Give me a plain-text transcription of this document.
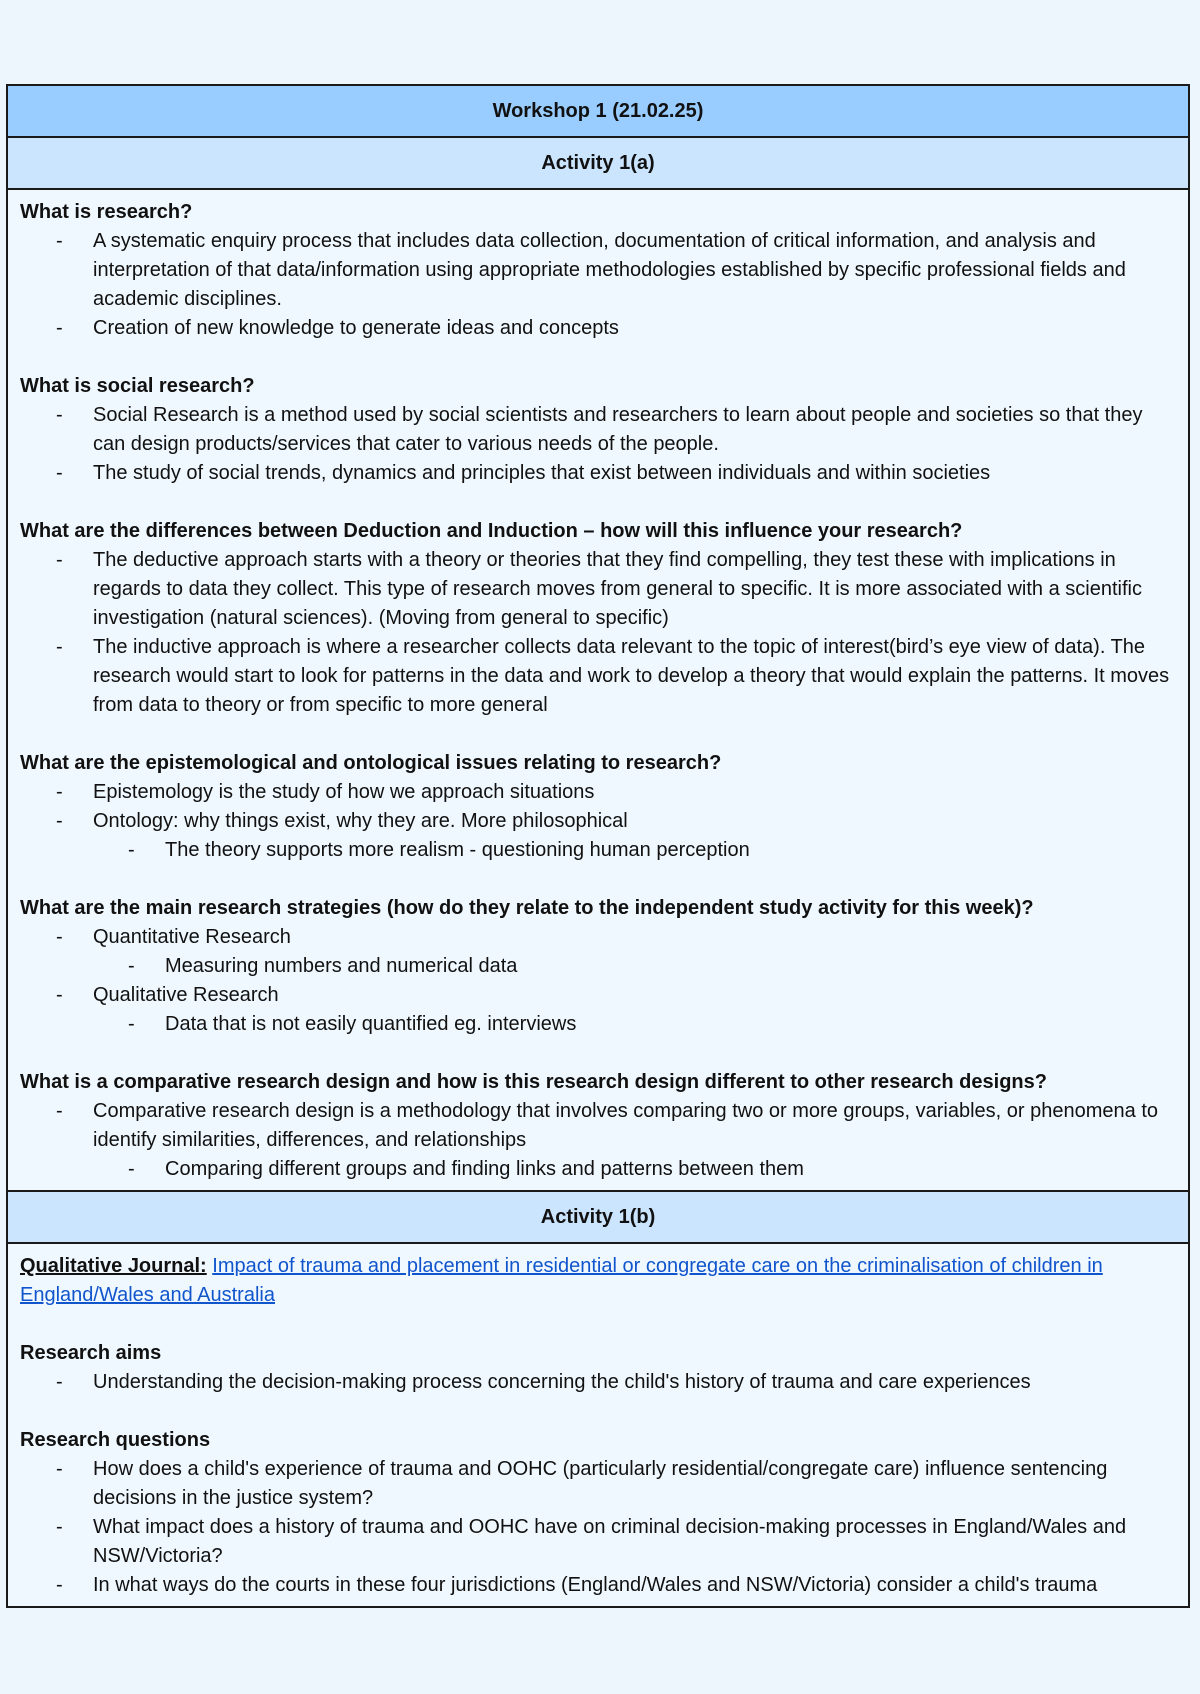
Workshop 1 (21.02.25)
Activity 1(a)
What is research?
- A systematic enquiry process that includes data collection, documentation of critical information, and analysis and interpretation of that data/information using appropriate methodologies established by specific professional fields and academic disciplines.
- Creation of new knowledge to generate ideas and concepts
What is social research?
- Social Research is a method used by social scientists and researchers to learn about people and societies so that they can design products/services that cater to various needs of the people.
- The study of social trends, dynamics and principles that exist between individuals and within societies
What are the differences between Deduction and Induction – how will this influence your research?
- The deductive approach starts with a theory or theories that they find compelling, they test these with implications in regards to data they collect. This type of research moves from general to specific. It is more associated with a scientific investigation (natural sciences). (Moving from general to specific)
- The inductive approach is where a researcher collects data relevant to the topic of interest(bird’s eye view of data). The research would start to look for patterns in the data and work to develop a theory that would explain the patterns. It moves from data to theory or from specific to more general
What are the epistemological and ontological issues relating to research?
- Epistemology is the study of how we approach situations
- Ontology: why things exist, why they are. More philosophical
- The theory supports more realism - questioning human perception
What are the main research strategies (how do they relate to the independent study activity for this week)?
- Quantitative Research
- Measuring numbers and numerical data
- Qualitative Research
- Data that is not easily quantified eg. interviews
What is a comparative research design and how is this research design different to other research designs?
- Comparative research design is a methodology that involves comparing two or more groups, variables, or phenomena to identify similarities, differences, and relationships
- Comparing different groups and finding links and patterns between them
Activity 1(b)
Qualitative Journal: Impact of trauma and placement in residential or congregate care on the criminalisation of children in England/Wales and Australia
Research aims
- Understanding the decision-making process concerning the child's history of trauma and care experiences
Research questions
- How does a child's experience of trauma and OOHC (particularly residential/congregate care) influence sentencing decisions in the justice system?
- What impact does a history of trauma and OOHC have on criminal decision-making processes in England/Wales and NSW/Victoria?
- In what ways do the courts in these four jurisdictions (England/Wales and NSW/Victoria) consider a child's trauma
